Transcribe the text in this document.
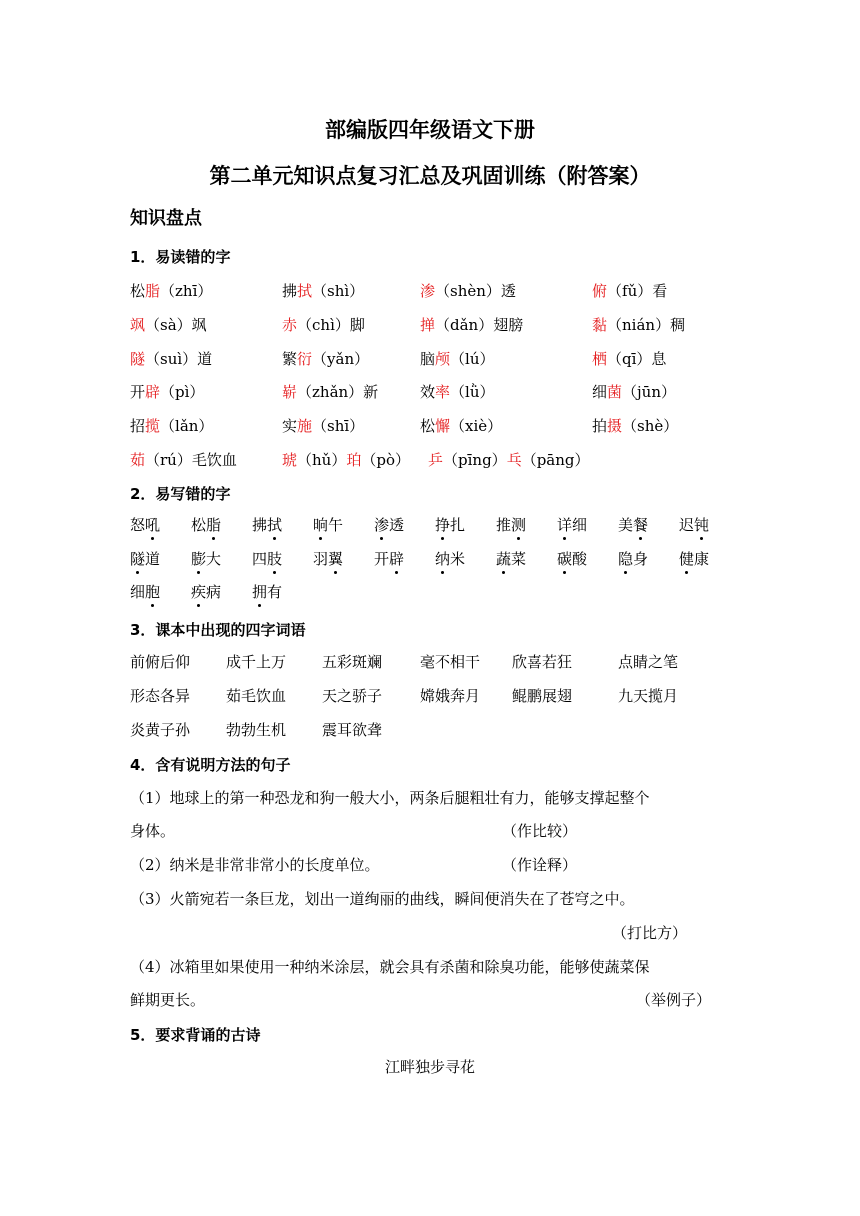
部编版四年级语文下册
第二单元知识点复习汇总及巩固训练（附答案）
知识盘点
1．易读错的字
松脂（zhī）	拂拭（shì）	渗（shèn）透	俯（fǔ）看
飒（sà）飒	赤（chì）脚	掸（dǎn）翅膀	黏（nián）稠
隧（suì）道	繁衍（yǎn）	脑颅（lú）	栖（qī）息
开辟（pì）	崭（zhǎn）新	效率（lǜ）	细菌（jūn）
招揽（lǎn）	实施（shī）	松懈（xiè）	拍摄（shè）
茹（rú）毛饮血	琥（hǔ）珀（pò） 乒（pīng）乓（pāng）
2．易写错的字
怒吼 松脂 拂拭 晌午 渗透 挣扎 推测 详细 美餐 迟钝
隧道 膨大 四肢 羽翼 开辟 纳米 蔬菜 碳酸 隐身 健康
细胞 疾病 拥有
3．课本中出现的四字词语
前俯后仰 成千上万 五彩斑斓	毫不相干 欣喜若狂	点睛之笔
形态各异 茹毛饮血 天之骄子	嫦娥奔月 鲲鹏展翅	九天揽月
炎黄子孙 勃勃生机 震耳欲聋
4．含有说明方法的句子
（1）地球上的第一种恐龙和狗一般大小，两条后腿粗壮有力，能够支撑起整个
身体。	（作比较）
（2）纳米是非常非常小的长度单位。	（作诠释）
（3）火箭宛若一条巨龙，划出一道绚丽的曲线，瞬间便消失在了苍穹之中。
（打比方）
（4）冰箱里如果使用一种纳米涂层，就会具有杀菌和除臭功能，能够使蔬菜保
鲜期更长。	（举例子）
5．要求背诵的古诗
江畔独步寻花
